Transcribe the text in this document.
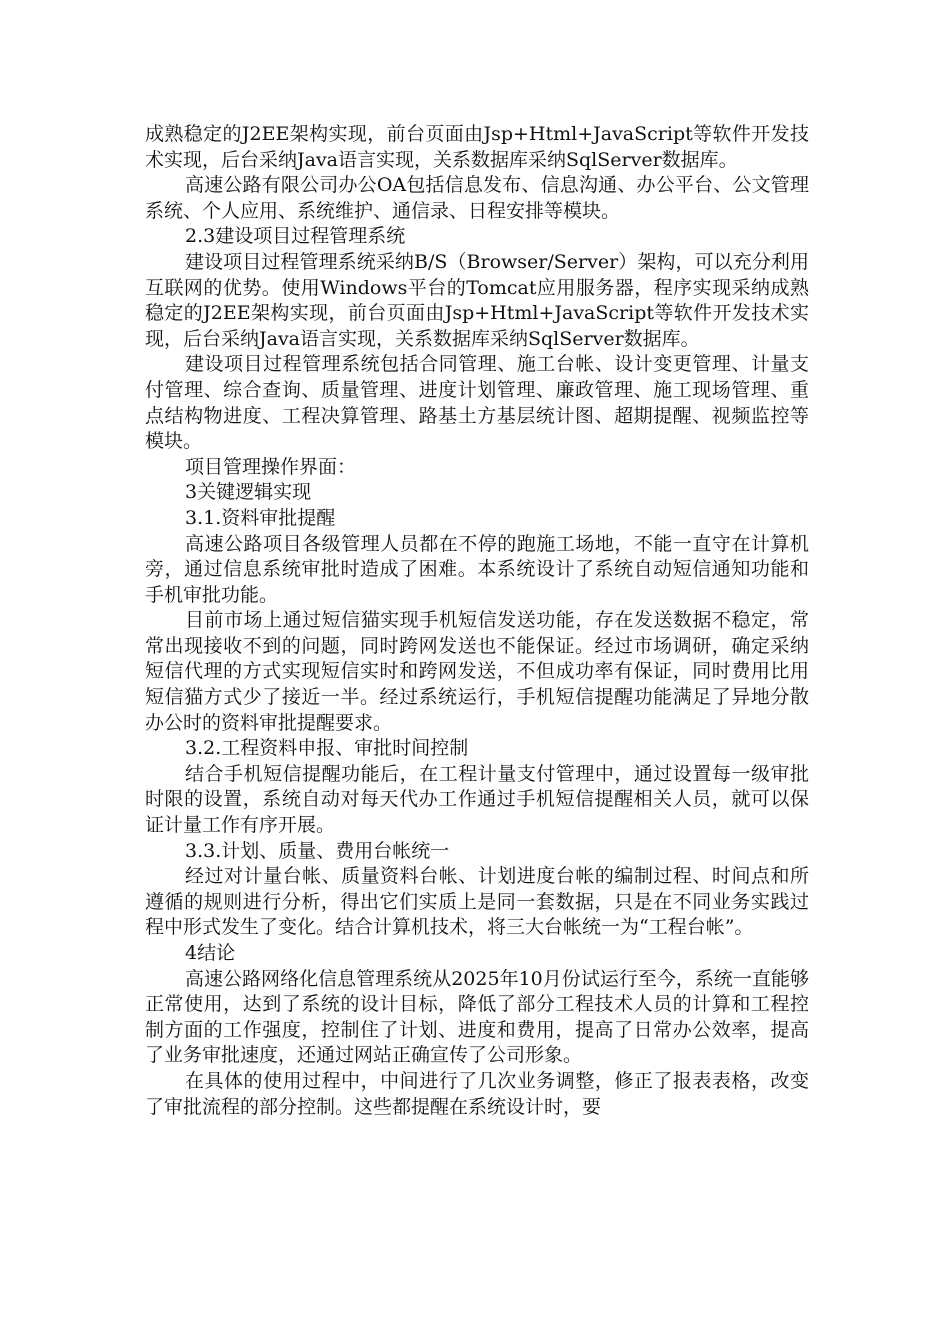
成熟稳定的J2EE架构实现，前台页面由Jsp+Html+JavaScript等软件开发技术实现，后台采纳Java语言实现，关系数据库采纳SqlServer数据库。

高速公路有限公司办公OA包括信息发布、信息沟通、办公平台、公文管理系统、个人应用、系统维护、通信录、日程安排等模块。

2.3建设项目过程管理系统

建设项目过程管理系统采纳B/S（Browser/Server）架构，可以充分利用互联网的优势。使用Windows平台的Tomcat应用服务器，程序实现采纳成熟稳定的J2EE架构实现，前台页面由Jsp+Html+JavaScript等软件开发技术实现，后台采纳Java语言实现，关系数据库采纳SqlServer数据库。

建设项目过程管理系统包括合同管理、施工台帐、设计变更管理、计量支付管理、综合查询、质量管理、进度计划管理、廉政管理、施工现场管理、重点结构物进度、工程决算管理、路基土方基层统计图、超期提醒、视频监控等模块。

项目管理操作界面：

3关键逻辑实现

3.1.资料审批提醒

高速公路项目各级管理人员都在不停的跑施工场地，不能一直守在计算机旁，通过信息系统审批时造成了困难。本系统设计了系统自动短信通知功能和手机审批功能。

目前市场上通过短信猫实现手机短信发送功能，存在发送数据不稳定，常常出现接收不到的问题，同时跨网发送也不能保证。经过市场调研，确定采纳短信代理的方式实现短信实时和跨网发送，不但成功率有保证，同时费用比用短信猫方式少了接近一半。经过系统运行，手机短信提醒功能满足了异地分散办公时的资料审批提醒要求。

3.2.工程资料申报、审批时间控制

结合手机短信提醒功能后，在工程计量支付管理中，通过设置每一级审批时限的设置，系统自动对每天代办工作通过手机短信提醒相关人员，就可以保证计量工作有序开展。

3.3.计划、质量、费用台帐统一

经过对计量台帐、质量资料台帐、计划进度台帐的编制过程、时间点和所遵循的规则进行分析，得出它们实质上是同一套数据，只是在不同业务实践过程中形式发生了变化。结合计算机技术，将三大台帐统一为“工程台帐”。

4结论

高速公路网络化信息管理系统从2025年10月份试运行至今，系统一直能够正常使用，达到了系统的设计目标，降低了部分工程技术人员的计算和工程控制方面的工作强度，控制住了计划、进度和费用，提高了日常办公效率，提高了业务审批速度，还通过网站正确宣传了公司形象。

在具体的使用过程中，中间进行了几次业务调整，修正了报表表格，改变了审批流程的部分控制。这些都提醒在系统设计时，要
